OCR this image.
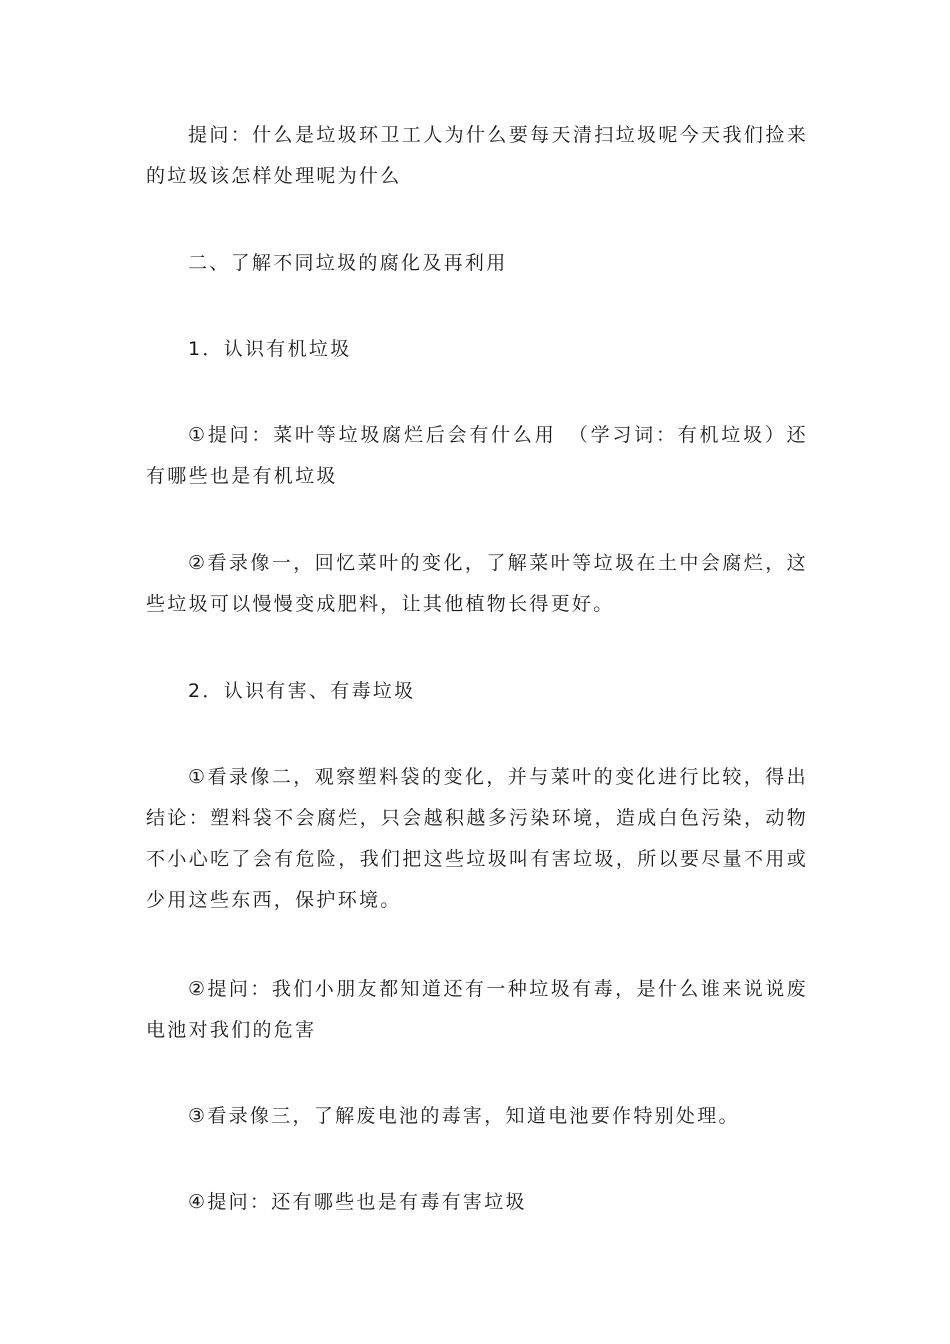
提问：什么是垃圾环卫工人为什么要每天清扫垃圾呢今天我们捡来的垃圾该怎样处理呢为什么

二、了解不同垃圾的腐化及再利用

1．认识有机垃圾

①提问：菜叶等垃圾腐烂后会有什么用　（学习词：有机垃圾）还有哪些也是有机垃圾

②看录像一，回忆菜叶的变化，了解菜叶等垃圾在土中会腐烂，这些垃圾可以慢慢变成肥料，让其他植物长得更好。

2．认识有害、有毒垃圾

①看录像二，观察塑料袋的变化，并与菜叶的变化进行比较，得出结论：塑料袋不会腐烂，只会越积越多污染环境，造成白色污染，动物不小心吃了会有危险，我们把这些垃圾叫有害垃圾，所以要尽量不用或少用这些东西，保护环境。

②提问：我们小朋友都知道还有一种垃圾有毒，是什么谁来说说废电池对我们的危害

③看录像三，了解废电池的毒害，知道电池要作特别处理。

④提问：还有哪些也是有毒有害垃圾
